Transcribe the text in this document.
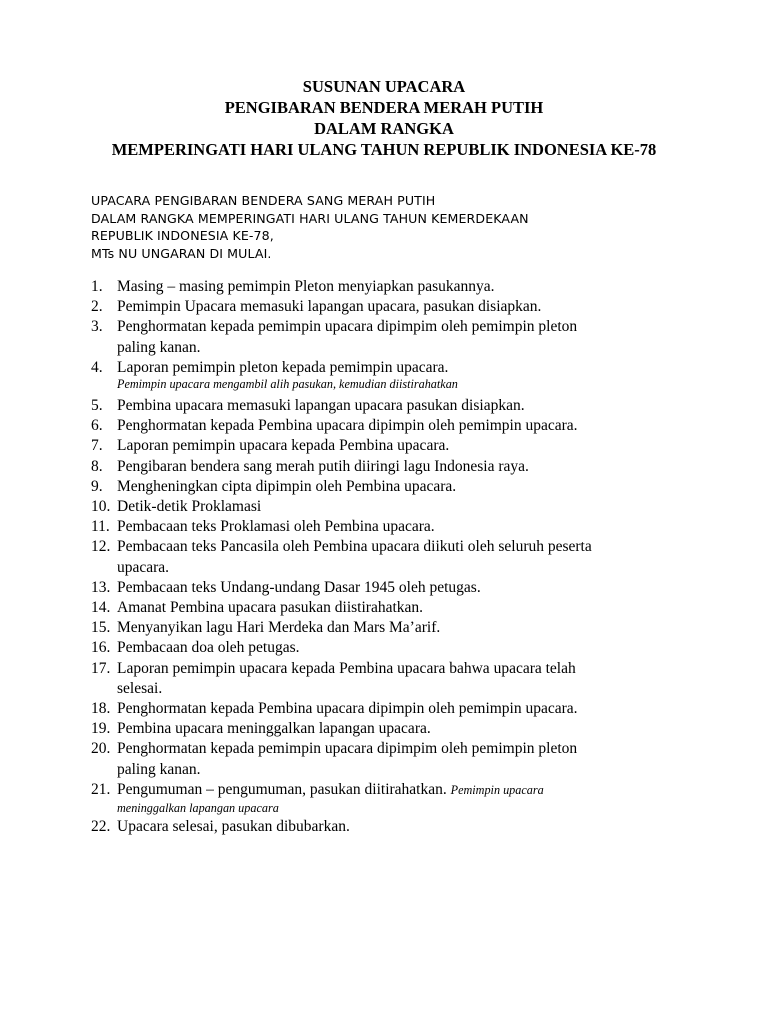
SUSUNAN UPACARA
PENGIBARAN BENDERA MERAH PUTIH
DALAM RANGKA
MEMPERINGATI HARI ULANG TAHUN REPUBLIK INDONESIA KE-78
UPACARA PENGIBARAN BENDERA SANG MERAH PUTIH
DALAM RANGKA MEMPERINGATI HARI ULANG TAHUN KEMERDEKAAN
REPUBLIK INDONESIA KE-78,
MTs NU UNGARAN DI MULAI.
1. Masing – masing pemimpin Pleton menyiapkan pasukannya.
2. Pemimpin Upacara memasuki lapangan upacara, pasukan disiapkan.
3. Penghormatan kepada pemimpin upacara dipimpim oleh pemimpin pleton
paling kanan.
4. Laporan pemimpin pleton kepada pemimpin upacara.
Pemimpin upacara mengambil alih pasukan, kemudian diistirahatkan
5. Pembina upacara memasuki lapangan upacara pasukan disiapkan.
6. Penghormatan kepada Pembina upacara dipimpin oleh pemimpin upacara.
7. Laporan pemimpin upacara kepada Pembina upacara.
8. Pengibaran bendera sang merah putih diiringi lagu Indonesia raya.
9. Mengheningkan cipta dipimpin oleh Pembina upacara.
10. Detik-detik Proklamasi
11. Pembacaan teks Proklamasi oleh Pembina upacara.
12. Pembacaan teks Pancasila oleh Pembina upacara diikuti oleh seluruh peserta
upacara.
13. Pembacaan teks Undang-undang Dasar 1945 oleh petugas.
14. Amanat Pembina upacara pasukan diistirahatkan.
15. Menyanyikan lagu Hari Merdeka dan Mars Ma’arif.
16. Pembacaan doa oleh petugas.
17. Laporan pemimpin upacara kepada Pembina upacara bahwa upacara telah
selesai.
18. Penghormatan kepada Pembina upacara dipimpin oleh pemimpin upacara.
19. Pembina upacara meninggalkan lapangan upacara.
20. Penghormatan kepada pemimpin upacara dipimpim oleh pemimpin pleton
paling kanan.
21. Pengumuman – pengumuman, pasukan diitirahatkan. Pemimpin upacara
meninggalkan lapangan upacara
22. Upacara selesai, pasukan dibubarkan.
